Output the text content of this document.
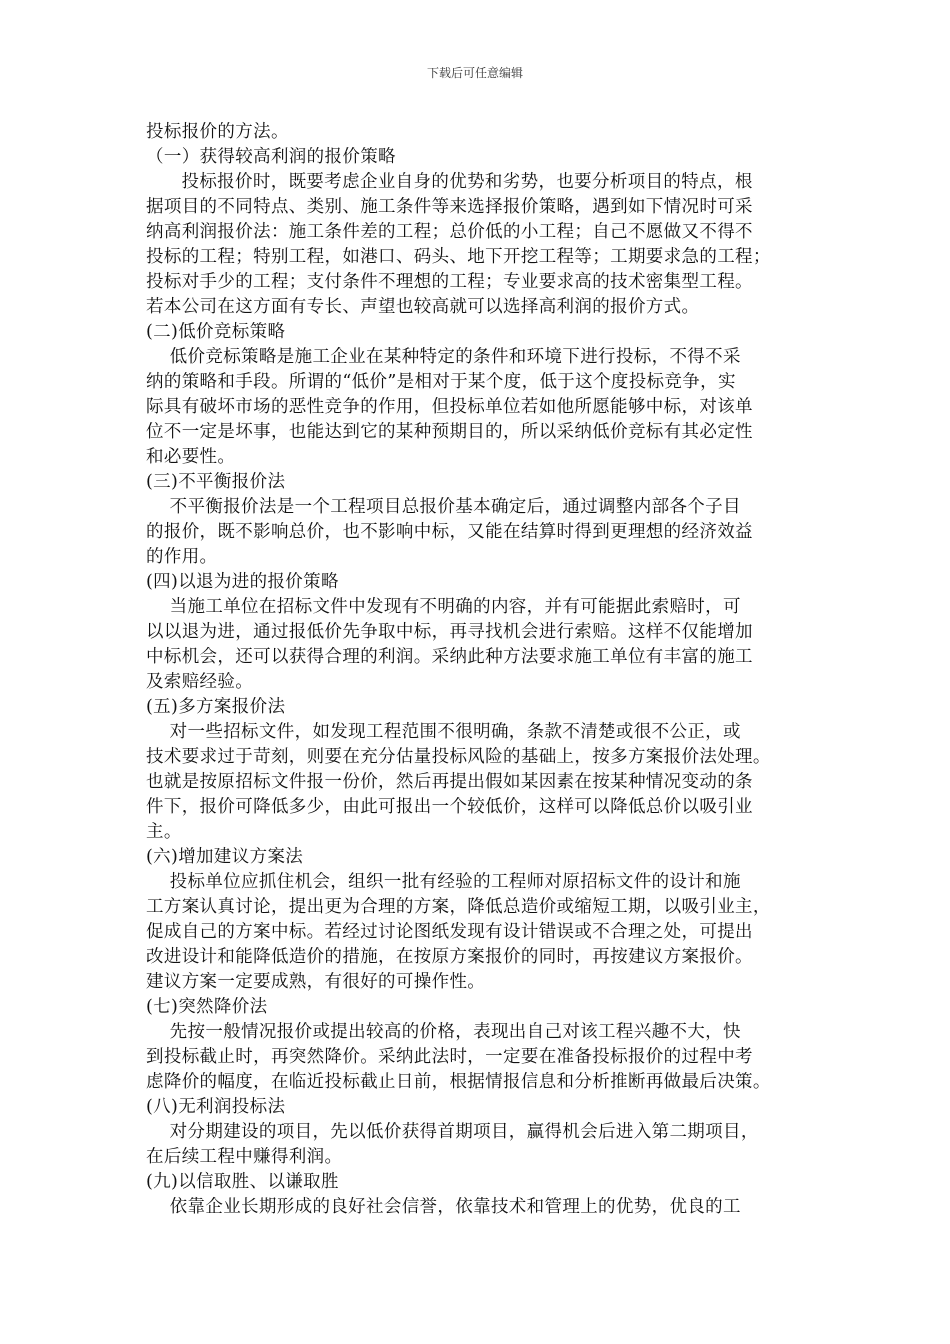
下载后可任意编辑
投标报价的方法。
（一）获得较高利润的报价策略
投标报价时，既要考虑企业自身的优势和劣势，也要分析项目的特点，根
据项目的不同特点、类别、施工条件等来选择报价策略，遇到如下情况时可采
纳高利润报价法：施工条件差的工程；总价低的小工程；自己不愿做又不得不
投标的工程；特别工程，如港口、码头、地下开挖工程等；工期要求急的工程；
投标对手少的工程；支付条件不理想的工程；专业要求高的技术密集型工程。
若本公司在这方面有专长、声望也较高就可以选择高利润的报价方式。
(二)低价竞标策略
低价竞标策略是施工企业在某种特定的条件和环境下进行投标，不得不采
纳的策略和手段。所谓的“低价”是相对于某个度，低于这个度投标竞争，实
际具有破坏市场的恶性竞争的作用，但投标单位若如他所愿能够中标，对该单
位不一定是坏事，也能达到它的某种预期目的，所以采纳低价竞标有其必定性
和必要性。
(三)不平衡报价法
不平衡报价法是一个工程项目总报价基本确定后，通过调整内部各个子目
的报价，既不影响总价，也不影响中标，又能在结算时得到更理想的经济效益
的作用。
(四)以退为进的报价策略
当施工单位在招标文件中发现有不明确的内容，并有可能据此索赔时，可
以以退为进，通过报低价先争取中标，再寻找机会进行索赔。这样不仅能增加
中标机会，还可以获得合理的利润。采纳此种方法要求施工单位有丰富的施工
及索赔经验。
(五)多方案报价法
对一些招标文件，如发现工程范围不很明确，条款不清楚或很不公正，或
技术要求过于苛刻，则要在充分估量投标风险的基础上，按多方案报价法处理。
也就是按原招标文件报一份价，然后再提出假如某因素在按某种情况变动的条
件下，报价可降低多少，由此可报出一个较低价，这样可以降低总价以吸引业
主。
(六)增加建议方案法
投标单位应抓住机会，组织一批有经验的工程师对原招标文件的设计和施
工方案认真讨论，提出更为合理的方案，降低总造价或缩短工期，以吸引业主，
促成自己的方案中标。若经过讨论图纸发现有设计错误或不合理之处，可提出
改进设计和能降低造价的措施，在按原方案报价的同时，再按建议方案报价。
建议方案一定要成熟，有很好的可操作性。
(七)突然降价法
先按一般情况报价或提出较高的价格，表现出自己对该工程兴趣不大，快
到投标截止时，再突然降价。采纳此法时，一定要在准备投标报价的过程中考
虑降价的幅度，在临近投标截止日前，根据情报信息和分析推断再做最后决策。
(八)无利润投标法
对分期建设的项目，先以低价获得首期项目，赢得机会后进入第二期项目，
在后续工程中赚得利润。
(九)以信取胜、以谦取胜
依靠企业长期形成的良好社会信誉，依靠技术和管理上的优势，优良的工
